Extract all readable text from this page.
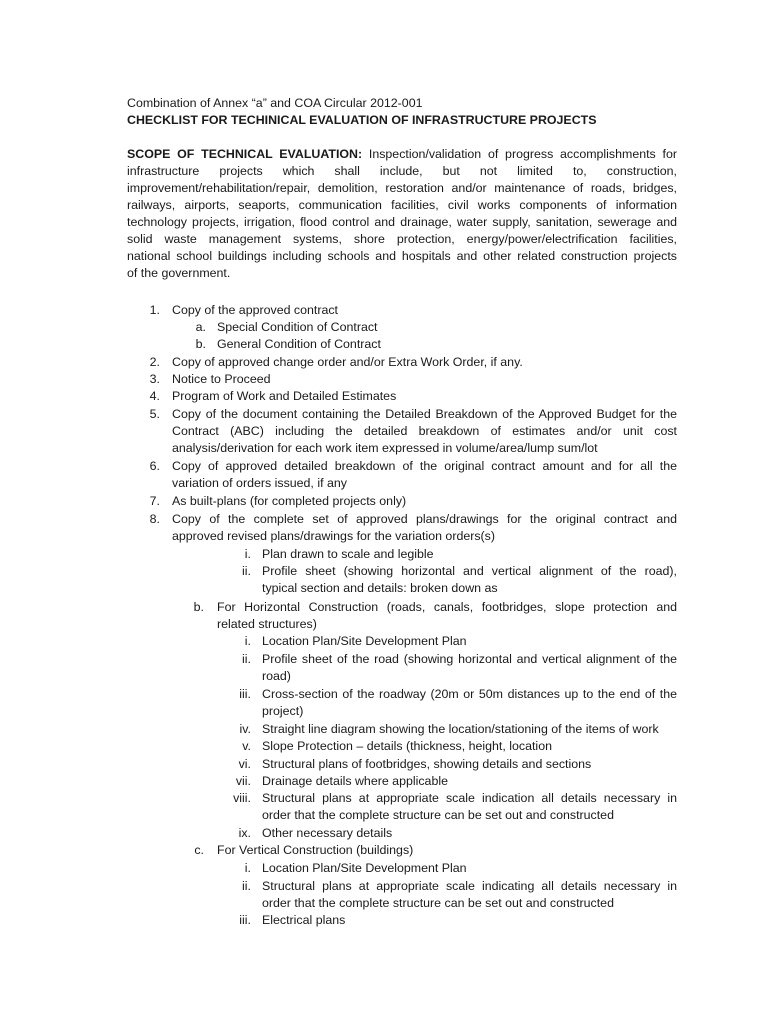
Combination of Annex “a” and COA Circular 2012-001
CHECKLIST FOR TECHINICAL EVALUATION OF INFRASTRUCTURE PROJECTS
SCOPE OF TECHNICAL EVALUATION: Inspection/validation of progress accomplishments for
infrastructure projects which shall include, but not limited to, construction,
improvement/rehabilitation/repair, demolition, restoration and/or maintenance of roads, bridges,
railways, airports, seaports, communication facilities, civil works components of information
technology projects, irrigation, flood control and drainage, water supply, sanitation, sewerage and
solid waste management systems, shore protection, energy/power/electrification facilities,
national school buildings including schools and hospitals and other related construction projects
of the government.
1. Copy of the approved contract
a. Special Condition of Contract
b. General Condition of Contract
2. Copy of approved change order and/or Extra Work Order, if any.
3. Notice to Proceed
4. Program of Work and Detailed Estimates
5. Copy of the document containing the Detailed Breakdown of the Approved Budget for the
Contract (ABC) including the detailed breakdown of estimates and/or unit cost
analysis/derivation for each work item expressed in volume/area/lump sum/lot
6. Copy of approved detailed breakdown of the original contract amount and for all the
variation of orders issued, if any
7. As built-plans (for completed projects only)
8. Copy of the complete set of approved plans/drawings for the original contract and
approved revised plans/drawings for the variation orders(s)
i. Plan drawn to scale and legible
ii. Profile sheet (showing horizontal and vertical alignment of the road),
typical section and details: broken down as
b. For Horizontal Construction (roads, canals, footbridges, slope protection and
related structures)
i. Location Plan/Site Development Plan
ii. Profile sheet of the road (showing horizontal and vertical alignment of the
road)
iii. Cross-section of the roadway (20m or 50m distances up to the end of the
project)
iv. Straight line diagram showing the location/stationing of the items of work
v. Slope Protection – details (thickness, height, location
vi. Structural plans of footbridges, showing details and sections
vii. Drainage details where applicable
viii. Structural plans at appropriate scale indication all details necessary in
order that the complete structure can be set out and constructed
ix. Other necessary details
c. For Vertical Construction (buildings)
i. Location Plan/Site Development Plan
ii. Structural plans at appropriate scale indicating all details necessary in
order that the complete structure can be set out and constructed
iii. Electrical plans
